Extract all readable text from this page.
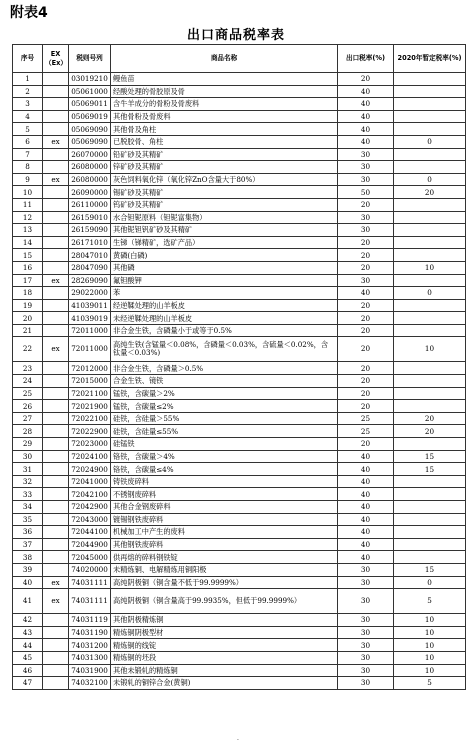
附表4
出口商品税率表
序号	EX（Ex）	税则号列	商品名称	出口税率(%)	2020年暂定税率(%)
1		03019210	鳗鱼苗	20	
2		05061000	经酸处理的骨胶原及骨	40	
3		05069011	含牛羊成分的骨粉及骨废料	40	
4		05069019	其他骨粉及骨废料	40	
5		05069090	其他骨及角柱	40	
6	ex	05069090	已脱胶骨、角柱	40	0
7		26070000	铅矿砂及其精矿	30	
8		26080000	锌矿砂及其精矿	30	
9	ex	26080000	灰色饲料氧化锌（氧化锌ZnO含量大于80%）	30	0
10		26090000	锡矿砂及其精矿	50	20
11		26110000	钨矿砂及其精矿	20	
12		26159010	水合钽铌原料（钽铌富集物）	30	
13		26159090	其他铌钽钒矿砂及其精矿	30	
14		26171010	生锑（锑精矿，选矿产品）	20	
15		28047010	黄磷(白磷)	20	
16		28047090	其他磷	20	10
17	ex	28269090	氟钽酸钾	30	
18		29022000	苯	40	0
19		41039011	经逆鞣处理的山羊板皮	20	
20		41039019	未经逆鞣处理的山羊板皮	20	
21		72011000	非合金生铁，含磷量小于或等于0.5%	20	
22	ex	72011000	高纯生铁(含锰量＜0.08%，含磷量＜0.03%，含硫量＜0.02%，含钛量＜0.03%)	20	10
23		72012000	非合金生铁，含磷量＞0.5%	20	
24		72015000	合金生铁、镜铁	20	
25		72021100	锰铁，含碳量＞2%	20	
26		72021900	锰铁，含碳量≤2%	20	
27		72022100	硅铁，含硅量＞55%	25	20
28		72022900	硅铁，含硅量≤55%	25	20
29		72023000	硅锰铁	20	
30		72024100	铬铁，含碳量＞4%	40	15
31		72024900	铬铁，含碳量≤4%	40	15
32		72041000	铸铁废碎料	40	
33		72042100	不锈钢废碎料	40	
34		72042900	其他合金钢废碎料	40	
35		72043000	镀锡钢铁废碎料	40	
36		72044100	机械加工中产生的废料	40	
37		72044900	其他钢铁废碎料	40	
38		72045000	供再熔的碎料钢铁锭	40	
39		74020000	未精炼铜、电解精炼用铜阳极	30	15
40	ex	74031111	高纯阴极铜（铜含量不低于99.9999%）	30	0
41	ex	74031111	高纯阴极铜（铜含量高于99.9935%，但低于99.9999%）	30	5
42		74031119	其他阴极精炼铜	30	10
43		74031190	精炼铜阴极型材	30	10
44		74031200	精炼铜的线锭	30	10
45		74031300	精炼铜的坯段	30	10
46		74031900	其他未锻轧的精炼铜	30	10
47		74032100	未锻轧的铜锌合金(黄铜)	30	5
·
